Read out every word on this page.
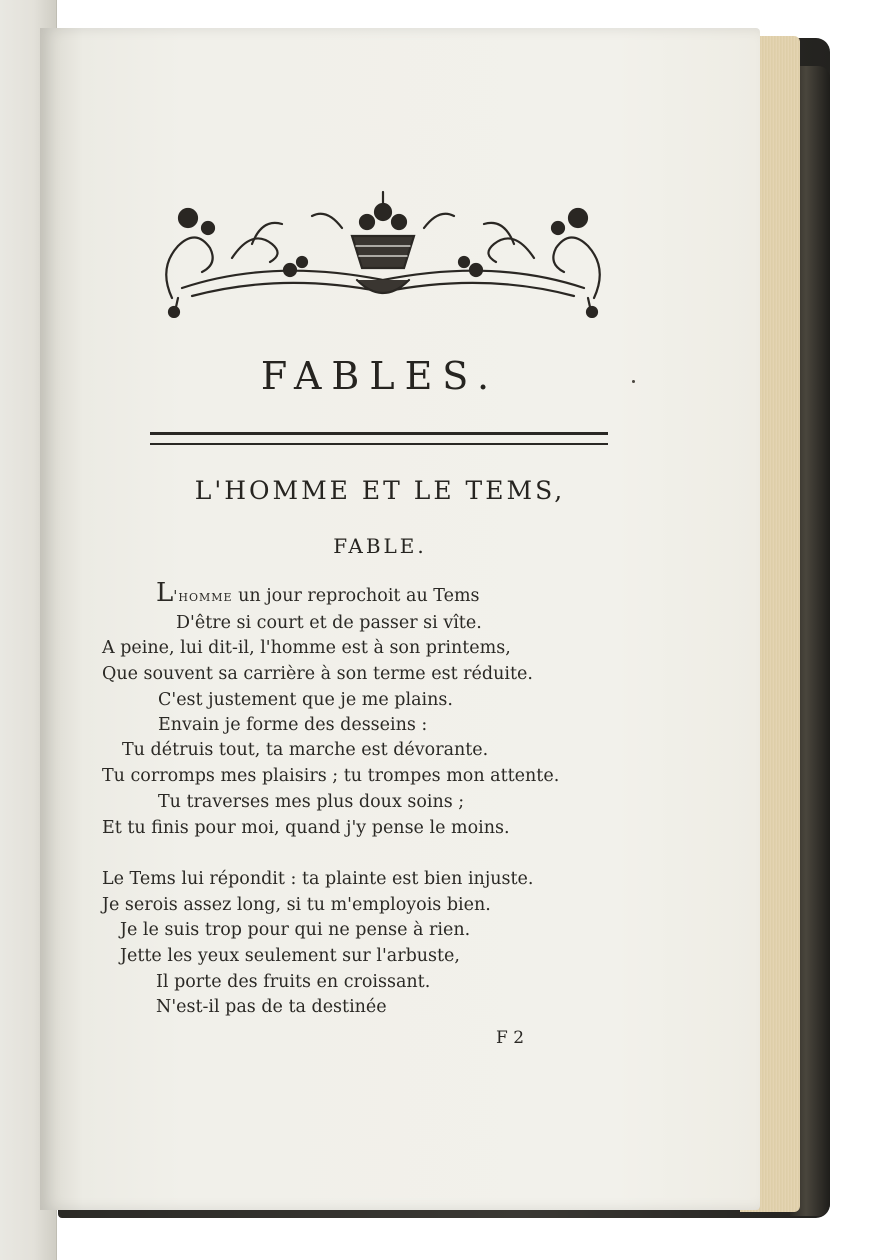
FABLES.
L'HOMME ET LE TEMS,
FABLE.
L'homme un jour reprochoit au Tems
D'être si court et de passer si vîte.
A peine, lui dit-il, l'homme est à son printems,
Que souvent sa carrière à son terme est réduite.
C'est justement que je me plains.
Envain je forme des desseins :
Tu détruis tout, ta marche est dévorante.
Tu corromps mes plaisirs ; tu trompes mon attente.
Tu traverses mes plus doux soins ;
Et tu finis pour moi, quand j'y pense le moins.
Le Tems lui répondit : ta plainte est bien injuste.
Je serois assez long, si tu m'employois bien.
Je le suis trop pour qui ne pense à rien.
Jette les yeux seulement sur l'arbuste,
Il porte des fruits en croissant.
N'est-il pas de ta destinée
F 2
